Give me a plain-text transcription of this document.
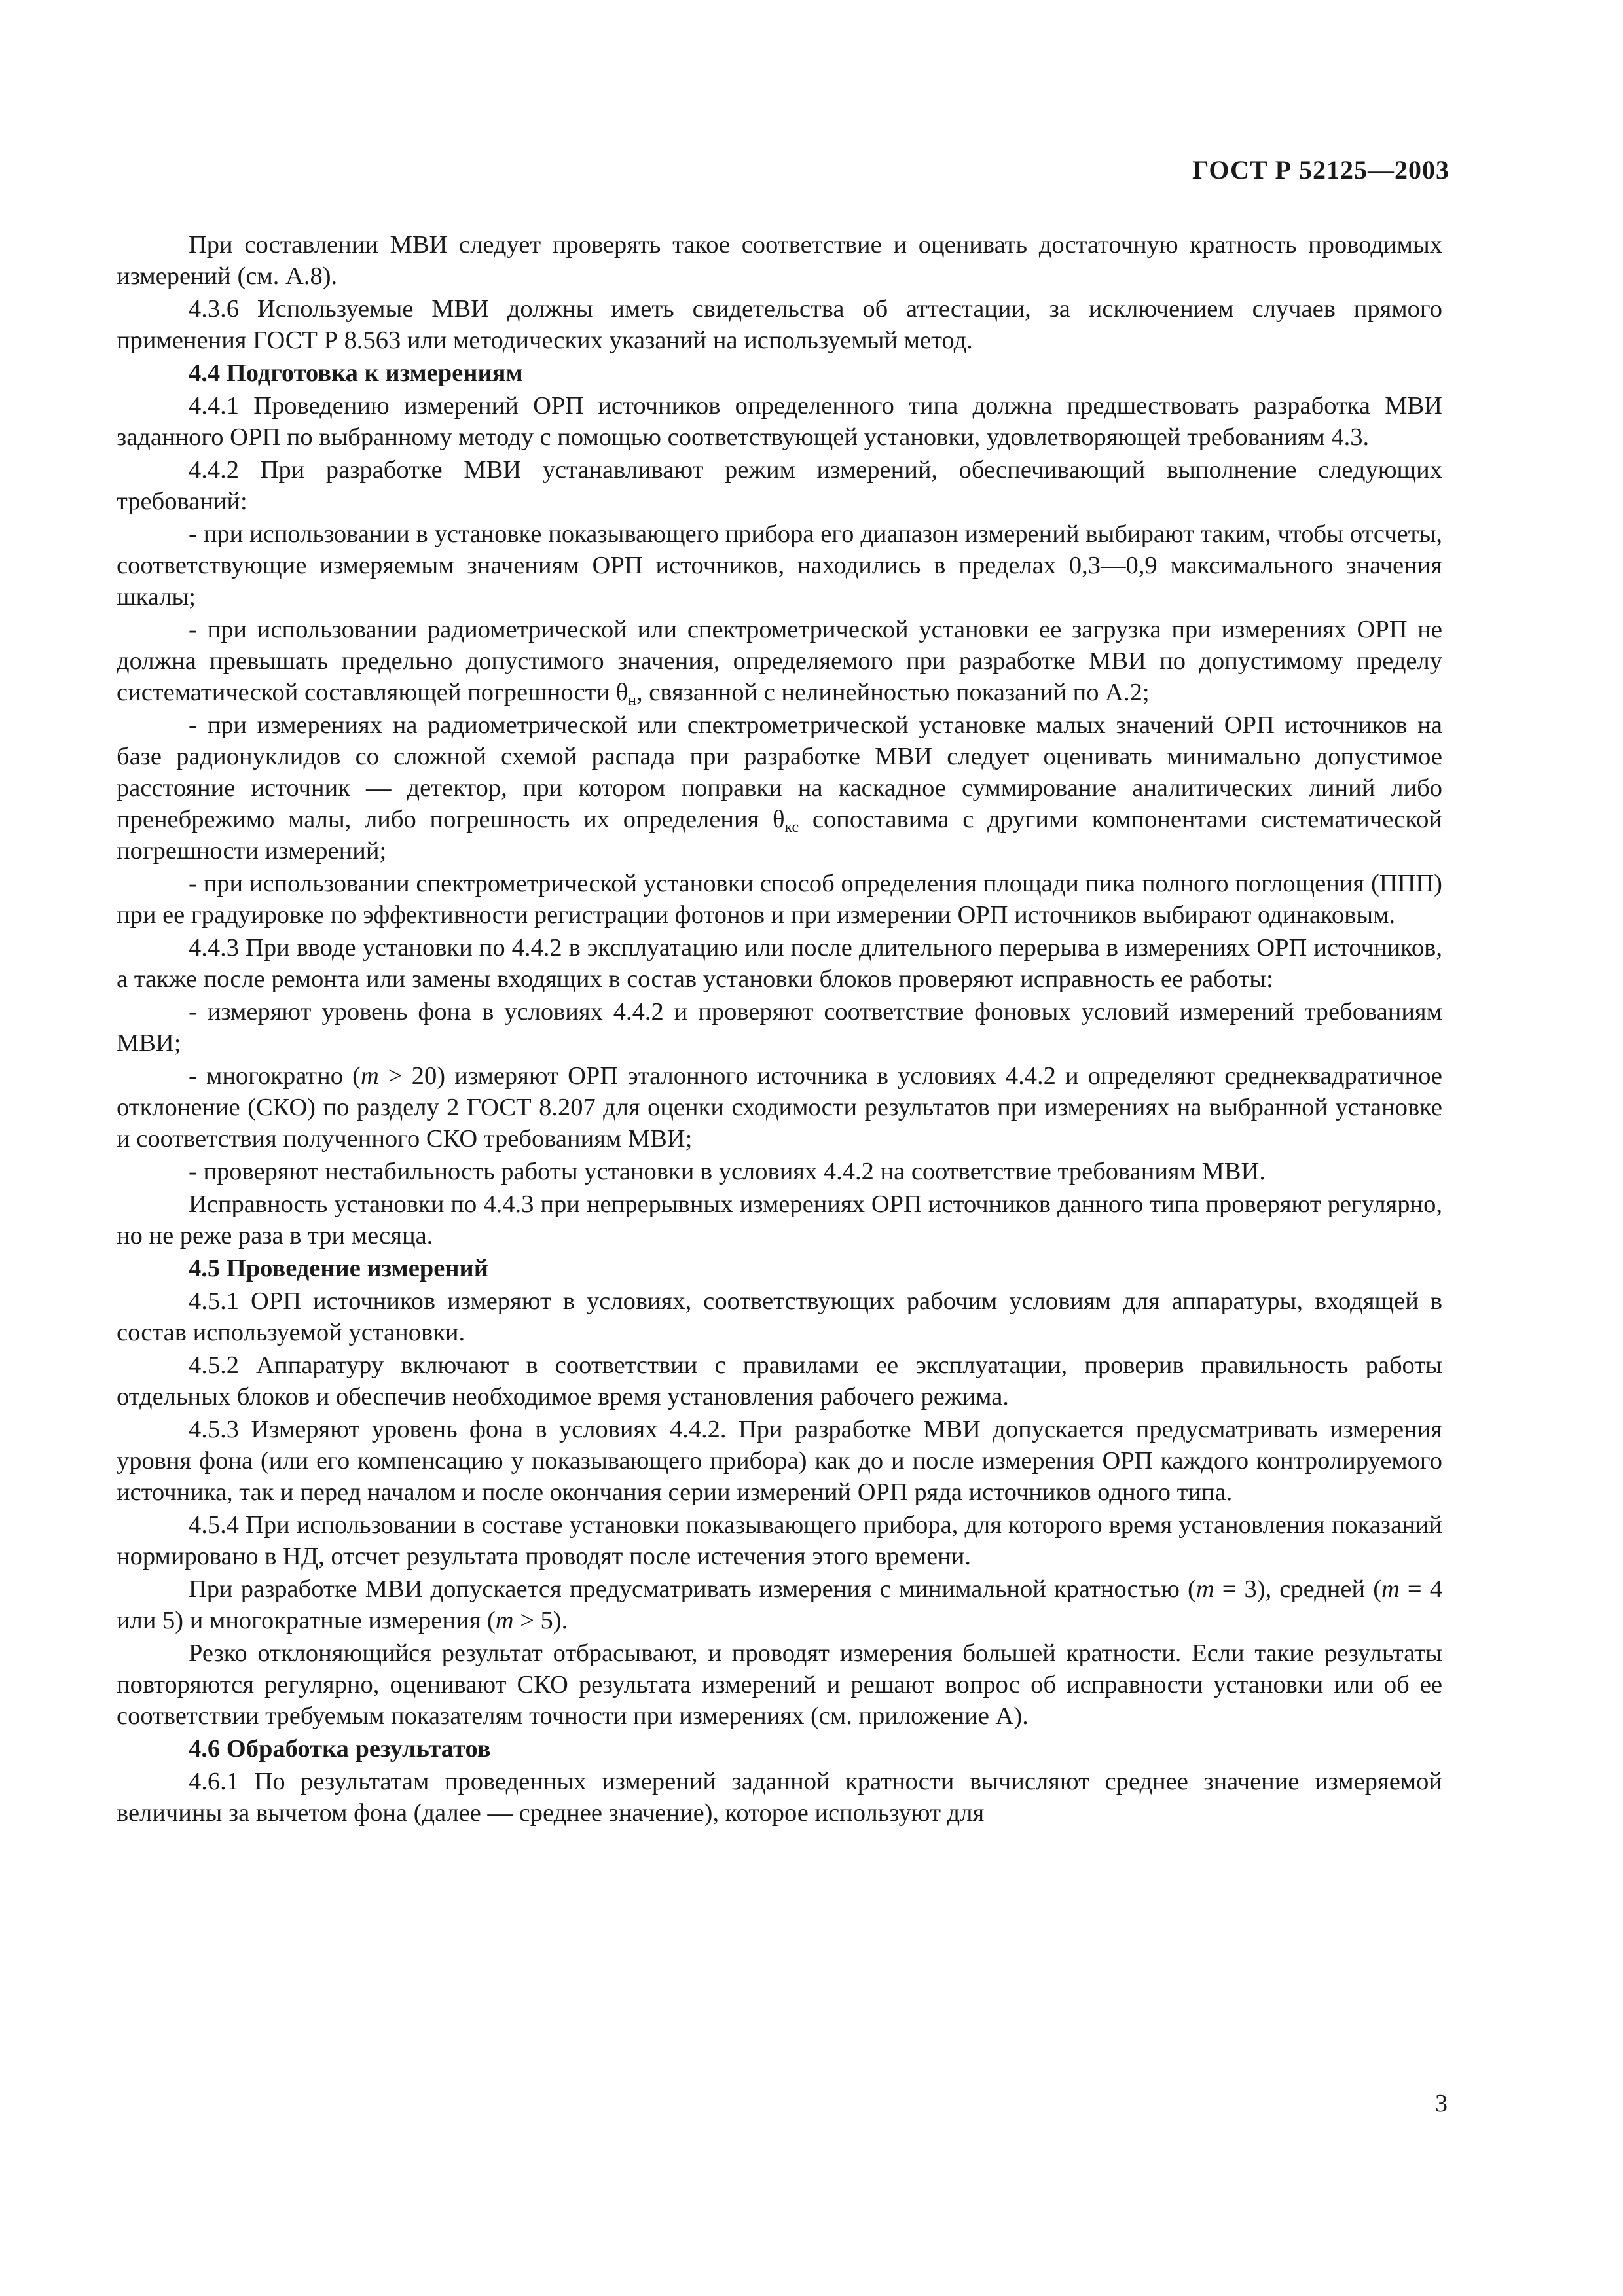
ГОСТ Р 52125—2003

При составлении МВИ следует проверять такое соответствие и оценивать достаточную кратность проводимых измерений (см. А.8).

4.3.6 Используемые МВИ должны иметь свидетельства об аттестации, за исключением случаев прямого применения ГОСТ Р 8.563 или методических указаний на используемый метод.

4.4 Подготовка к измерениям

4.4.1 Проведению измерений ОРП источников определенного типа должна предшествовать разработка МВИ заданного ОРП по выбранному методу с помощью соответствующей установки, удовлетворяющей требованиям 4.3.

4.4.2 При разработке МВИ устанавливают режим измерений, обеспечивающий выполнение следующих требований:

- при использовании в установке показывающего прибора его диапазон измерений выбирают таким, чтобы отсчеты, соответствующие измеряемым значениям ОРП источников, находились в пределах 0,3—0,9 максимального значения шкалы;

- при использовании радиометрической или спектрометрической установки ее загрузка при измерениях ОРП не должна превышать предельно допустимого значения, определяемого при разработке МВИ по допустимому пределу систематической составляющей погрешности $\theta_н$, связанной с нелинейностью показаний по А.2;

- при измерениях на радиометрической или спектрометрической установке малых значений ОРП источников на базе радионуклидов со сложной схемой распада при разработке МВИ следует оценивать минимально допустимое расстояние источник — детектор, при котором поправки на каскадное суммирование аналитических линий либо пренебрежимо малы, либо погрешность их определения $\theta_{кс}$ сопоставима с другими компонентами систематической погрешности измерений;

- при использовании спектрометрической установки способ определения площади пика полного поглощения (ППП) при ее градуировке по эффективности регистрации фотонов и при измерении ОРП источников выбирают одинаковым.

4.4.3 При вводе установки по 4.4.2 в эксплуатацию или после длительного перерыва в измерениях ОРП источников, а также после ремонта или замены входящих в состав установки блоков проверяют исправность ее работы:

- измеряют уровень фона в условиях 4.4.2 и проверяют соответствие фоновых условий измерений требованиям МВИ;

- многократно (m > 20) измеряют ОРП эталонного источника в условиях 4.4.2 и определяют среднеквадратичное отклонение (СКО) по разделу 2 ГОСТ 8.207 для оценки сходимости результатов при измерениях на выбранной установке и соответствия полученного СКО требованиям МВИ;

- проверяют нестабильность работы установки в условиях 4.4.2 на соответствие требованиям МВИ.

Исправность установки по 4.4.3 при непрерывных измерениях ОРП источников данного типа проверяют регулярно, но не реже раза в три месяца.

4.5 Проведение измерений

4.5.1 ОРП источников измеряют в условиях, соответствующих рабочим условиям для аппаратуры, входящей в состав используемой установки.

4.5.2 Аппаратуру включают в соответствии с правилами ее эксплуатации, проверив правильность работы отдельных блоков и обеспечив необходимое время установления рабочего режима.

4.5.3 Измеряют уровень фона в условиях 4.4.2. При разработке МВИ допускается предусматривать измерения уровня фона (или его компенсацию у показывающего прибора) как до и после измерения ОРП каждого контролируемого источника, так и перед началом и после окончания серии измерений ОРП ряда источников одного типа.

4.5.4 При использовании в составе установки показывающего прибора, для которого время установления показаний нормировано в НД, отсчет результата проводят после истечения этого времени.

При разработке МВИ допускается предусматривать измерения с минимальной кратностью (m = 3), средней (m = 4 или 5) и многократные измерения (m > 5).

Резко отклоняющийся результат отбрасывают, и проводят измерения большей кратности. Если такие результаты повторяются регулярно, оценивают СКО результата измерений и решают вопрос об исправности установки или об ее соответствии требуемым показателям точности при измерениях (см. приложение А).

4.6 Обработка результатов

4.6.1 По результатам проведенных измерений заданной кратности вычисляют среднее значение измеряемой величины за вычетом фона (далее — среднее значение), которое используют для

3
